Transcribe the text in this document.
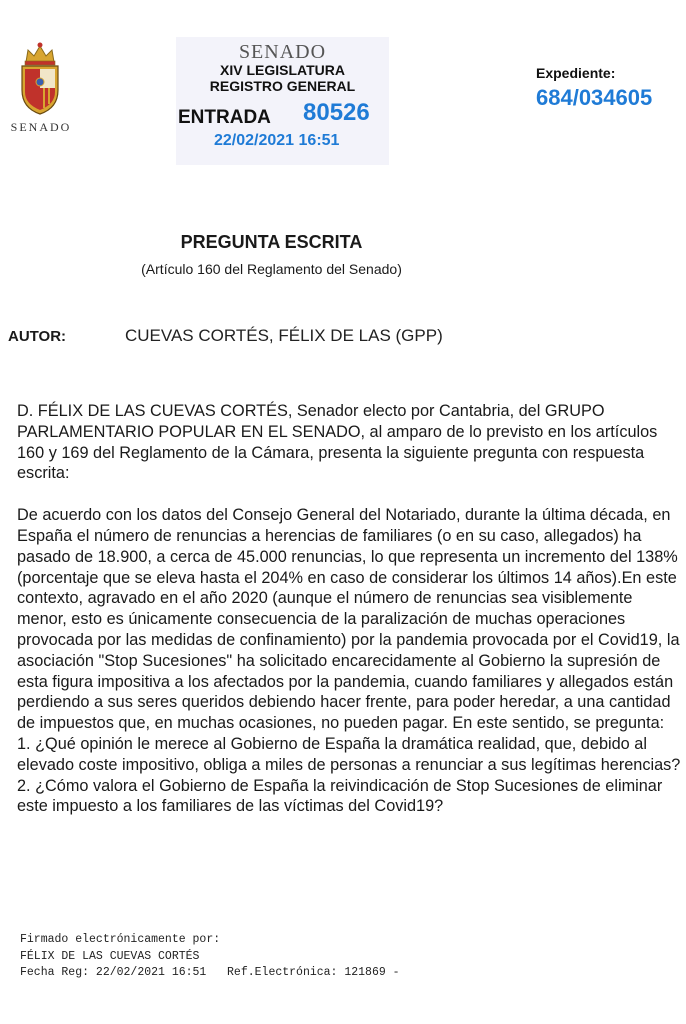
SENADO
SENADO
XIV LEGISLATURA
REGISTRO GENERAL
ENTRADA 80526
22/02/2021 16:51
Expediente:
684/034605
PREGUNTA ESCRITA
(Artículo 160 del Reglamento del Senado)
AUTOR:	CUEVAS CORTÉS, FÉLIX DE LAS (GPP)

D. FÉLIX DE LAS CUEVAS CORTÉS, Senador electo por Cantabria, del GRUPO PARLAMENTARIO POPULAR EN EL SENADO, al amparo de lo previsto en los artículos 160 y 169 del Reglamento de la Cámara, presenta la siguiente pregunta con respuesta escrita:

De acuerdo con los datos del Consejo General del Notariado, durante la última década, en España el número de renuncias a herencias de familiares (o en su caso, allegados) ha pasado de 18.900, a cerca de 45.000 renuncias, lo que representa un incremento del 138% (porcentaje que se eleva hasta el 204% en caso de considerar los últimos 14 años).En este contexto, agravado en el año 2020 (aunque el número de renuncias sea visiblemente menor, esto es únicamente consecuencia de la paralización de muchas operaciones provocada por las medidas de confinamiento) por la pandemia provocada por el Covid19, la asociación "Stop Sucesiones" ha solicitado encarecidamente al Gobierno la supresión de esta figura impositiva a los afectados por la pandemia, cuando familiares y allegados están perdiendo a sus seres queridos debiendo hacer frente, para poder heredar, a una cantidad de impuestos que, en muchas ocasiones, no pueden pagar. En este sentido, se pregunta:

1. ¿Qué opinión le merece al Gobierno de España la dramática realidad, que, debido al elevado coste impositivo, obliga a miles de personas a renunciar a sus legítimas herencias?

2. ¿Cómo valora el Gobierno de España la reivindicación de Stop Sucesiones de eliminar este impuesto a los familiares de las víctimas del Covid19?

Firmado electrónicamente por:
FÉLIX DE LAS CUEVAS CORTÉS
Fecha Reg: 22/02/2021 16:51   Ref.Electrónica: 121869 -
